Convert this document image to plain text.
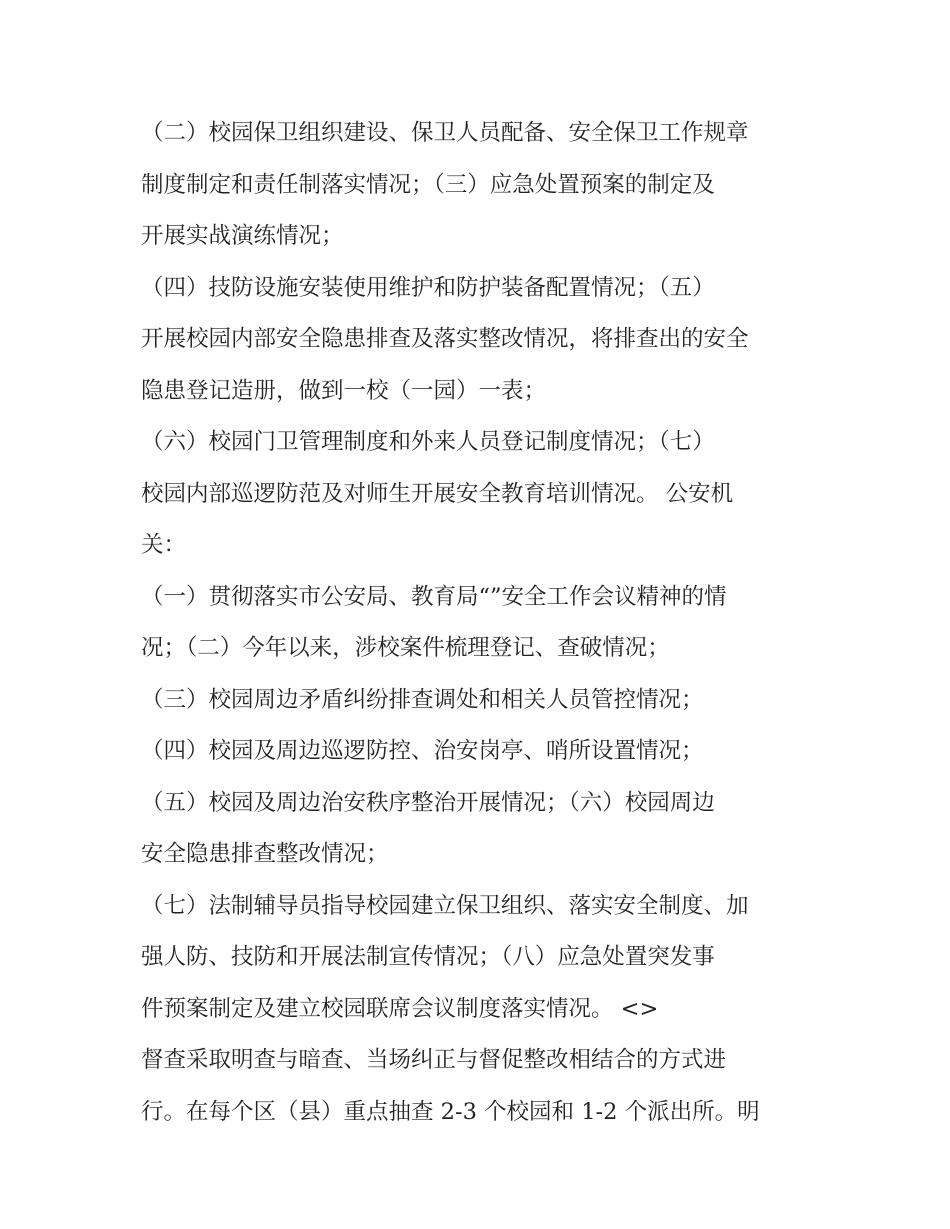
（二）校园保卫组织建设、保卫人员配备、安全保卫工作规章
制度制定和责任制落实情况；（三）应急处置预案的制定及
开展实战演练情况；
（四）技防设施安装使用维护和防护装备配置情况；（五）
开展校园内部安全隐患排查及落实整改情况，将排查出的安全
隐患登记造册，做到一校（一园）一表；
（六）校园门卫管理制度和外来人员登记制度情况；（七）
校园内部巡逻防范及对师生开展安全教育培训情况。 公安机
关：
（一）贯彻落实市公安局、教育局“”安全工作会议精神的情
况；（二）今年以来，涉校案件梳理登记、查破情况；
（三）校园周边矛盾纠纷排查调处和相关人员管控情况；
（四）校园及周边巡逻防控、治安岗亭、哨所设置情况；
（五）校园及周边治安秩序整治开展情况；（六）校园周边
安全隐患排查整改情况；
（七）法制辅导员指导校园建立保卫组织、落实安全制度、加
强人防、技防和开展法制宣传情况；（八）应急处置突发事
件预案制定及建立校园联席会议制度落实情况。 <>
督查采取明查与暗查、当场纠正与督促整改相结合的方式进
行。在每个区（县）重点抽查 2-3 个校园和 1-2 个派出所。明
